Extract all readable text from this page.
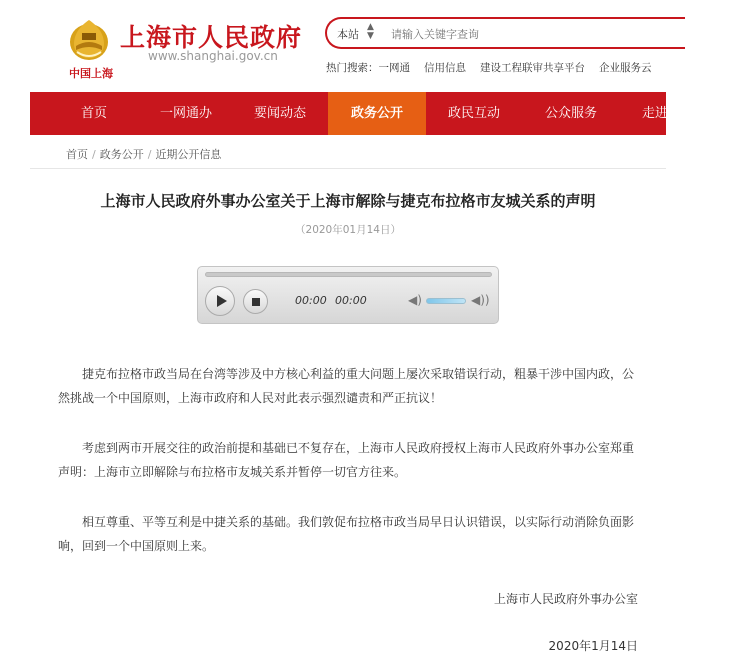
中国上海
上海市人民政府
www.shanghai.gov.cn
本站
▲
▼
请输入关键字查询
热门搜索：一网通 信用信息 建设工程联审共享平台 企业服务云
首页	一网通办	要闻动态	政务公开	政民互动	公众服务	走进上海
首页 / 政务公开 / 近期公开信息
上海市人民政府外事办公室关于上海市解除与捷克布拉格市友城关系的声明
（2020年01月14日）
00:00 00:00	◀)	◀))
捷克布拉格市政当局在台湾等涉及中方核心利益的重大问题上屡次采取错误行动，粗暴干涉中国内政，公然挑战一个中国原则，上海市政府和人民对此表示强烈谴责和严正抗议！
考虑到两市开展交往的政治前提和基础已不复存在，上海市人民政府授权上海市人民政府外事办公室郑重声明：上海市立即解除与布拉格市友城关系并暂停一切官方往来。
相互尊重、平等互利是中捷关系的基础。我们敦促布拉格市政当局早日认识错误，以实际行动消除负面影响，回到一个中国原则上来。
上海市人民政府外事办公室
2020年1月14日
